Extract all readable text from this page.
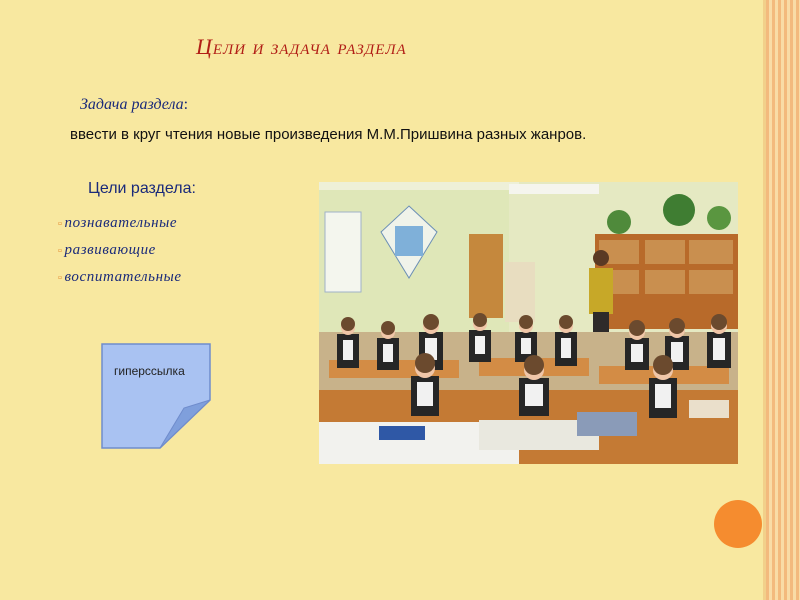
Цели и задача раздела
Задача раздела:
ввести в круг чтения новые произведения М.М.Пришвина разных жанров.
Цели раздела:
▫ познавательные
▫ развивающие
▫ воспитательные
гиперссылка
